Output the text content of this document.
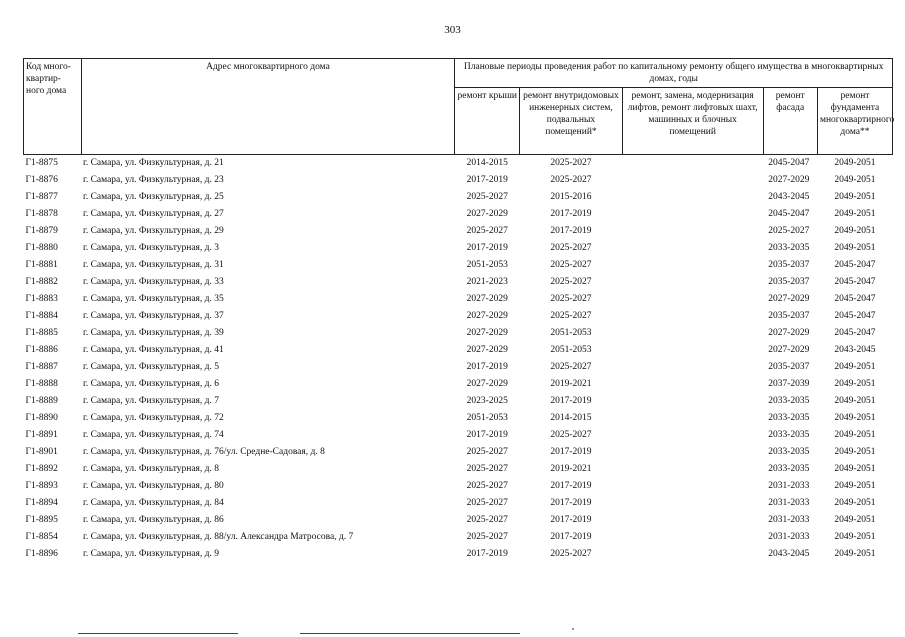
303
Код много-квартир-ного дома	Адрес многоквартирного дома	Плановые периоды проведения работ по капитальному ремонту общего имущества в многоквартирных домах, годы				
		ремонт крыши	ремонт внутридомовых инженерных систем, подвальных помещений*	ремонт, замена, модернизация лифтов, ремонт лифтовых шахт, машинных и блочных помещений	ремонт фасада	ремонт фундамента многоквартирного дома**
Г1-8875	г. Самара, ул. Физкультурная, д. 21	2014-2015	2025-2027		2045-2047	2049-2051
Г1-8876	г. Самара, ул. Физкультурная, д. 23	2017-2019	2025-2027		2027-2029	2049-2051
Г1-8877	г. Самара, ул. Физкультурная, д. 25	2025-2027	2015-2016		2043-2045	2049-2051
Г1-8878	г. Самара, ул. Физкультурная, д. 27	2027-2029	2017-2019		2045-2047	2049-2051
Г1-8879	г. Самара, ул. Физкультурная, д. 29	2025-2027	2017-2019		2025-2027	2049-2051
Г1-8880	г. Самара, ул. Физкультурная, д. 3	2017-2019	2025-2027		2033-2035	2049-2051
Г1-8881	г. Самара, ул. Физкультурная, д. 31	2051-2053	2025-2027		2035-2037	2045-2047
Г1-8882	г. Самара, ул. Физкультурная, д. 33	2021-2023	2025-2027		2035-2037	2045-2047
Г1-8883	г. Самара, ул. Физкультурная, д. 35	2027-2029	2025-2027		2027-2029	2045-2047
Г1-8884	г. Самара, ул. Физкультурная, д. 37	2027-2029	2025-2027		2035-2037	2045-2047
Г1-8885	г. Самара, ул. Физкультурная, д. 39	2027-2029	2051-2053		2027-2029	2045-2047
Г1-8886	г. Самара, ул. Физкультурная, д. 41	2027-2029	2051-2053		2027-2029	2043-2045
Г1-8887	г. Самара, ул. Физкультурная, д. 5	2017-2019	2025-2027		2035-2037	2049-2051
Г1-8888	г. Самара, ул. Физкультурная, д. 6	2027-2029	2019-2021		2037-2039	2049-2051
Г1-8889	г. Самара, ул. Физкультурная, д. 7	2023-2025	2017-2019		2033-2035	2049-2051
Г1-8890	г. Самара, ул. Физкультурная, д. 72	2051-2053	2014-2015		2033-2035	2049-2051
Г1-8891	г. Самара, ул. Физкультурная, д. 74	2017-2019	2025-2027		2033-2035	2049-2051
Г1-8901	г. Самара, ул. Физкультурная, д. 76/ул. Средне-Садовая, д. 8	2025-2027	2017-2019		2033-2035	2049-2051
Г1-8892	г. Самара, ул. Физкультурная, д. 8	2025-2027	2019-2021		2033-2035	2049-2051
Г1-8893	г. Самара, ул. Физкультурная, д. 80	2025-2027	2017-2019		2031-2033	2049-2051
Г1-8894	г. Самара, ул. Физкультурная, д. 84	2025-2027	2017-2019		2031-2033	2049-2051
Г1-8895	г. Самара, ул. Физкультурная, д. 86	2025-2027	2017-2019		2031-2033	2049-2051
Г1-8854	г. Самара, ул. Физкультурная, д. 88/ул. Александра Матросова, д. 7	2025-2027	2017-2019		2031-2033	2049-2051
Г1-8896	г. Самара, ул. Физкультурная, д. 9	2017-2019	2025-2027		2043-2045	2049-2051
